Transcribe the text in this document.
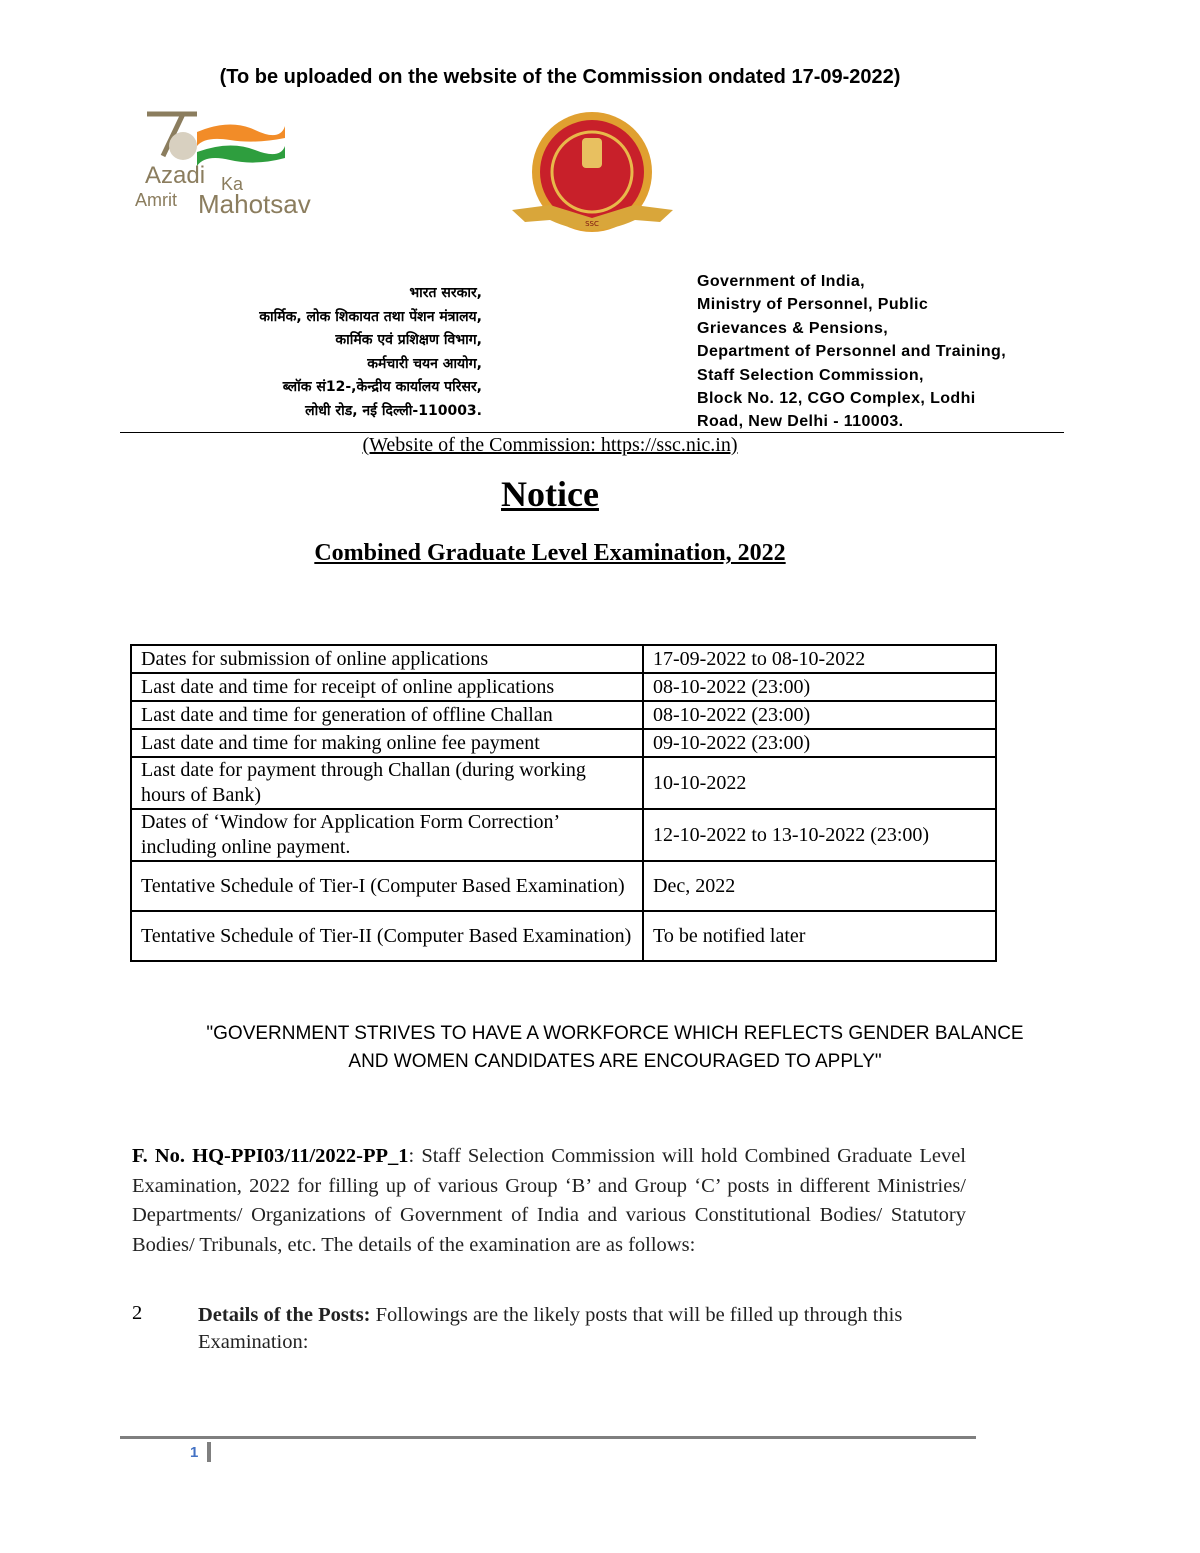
(To be uploaded on the website of the Commission ondated 17-09-2022)
Azadi Ka
Amrit Mahotsav
SSC
भारत सरकार,
कार्मिक, लोक शिकायत तथा पेंशन मंत्रालय,
कार्मिक एवं प्रशिक्षण विभाग,
कर्मचारी चयन आयोग,
ब्लॉक सं12-,केन्द्रीय कार्यालय परिसर,
लोधी रोड, नई दिल्ली-110003.
Government of India,
Ministry of Personnel, Public
Grievances & Pensions,
Department of Personnel and Training,
Staff Selection Commission,
Block No. 12, CGO Complex, Lodhi
Road, New Delhi - 110003.
(Website of the Commission: https://ssc.nic.in)
Notice
Combined Graduate Level Examination, 2022
Dates for submission of online applications	17-09-2022 to 08-10-2022
Last date and time for receipt of online applications	08-10-2022 (23:00)
Last date and time for generation of offline Challan	08-10-2022 (23:00)
Last date and time for making online fee payment	09-10-2022 (23:00)
Last date for payment through Challan (during working hours of Bank)	10-10-2022
Dates of ‘Window for Application Form Correction’ including online payment.	12-10-2022 to 13-10-2022 (23:00)
Tentative Schedule of Tier-I (Computer Based Examination)	Dec, 2022
Tentative Schedule of Tier-II (Computer Based Examination)	To be notified later
"GOVERNMENT STRIVES TO HAVE A WORKFORCE WHICH REFLECTS GENDER BALANCE AND WOMEN CANDIDATES ARE ENCOURAGED TO APPLY"
F. No. HQ-PPI03/11/2022-PP_1: Staff Selection Commission will hold Combined Graduate Level Examination, 2022 for filling up of various Group ‘B’ and Group ‘C’ posts in different Ministries/ Departments/ Organizations of Government of India and various Constitutional Bodies/ Statutory Bodies/ Tribunals, etc. The details of the examination are as follows:
2	Details of the Posts: Followings are the likely posts that will be filled up through this Examination:
1
